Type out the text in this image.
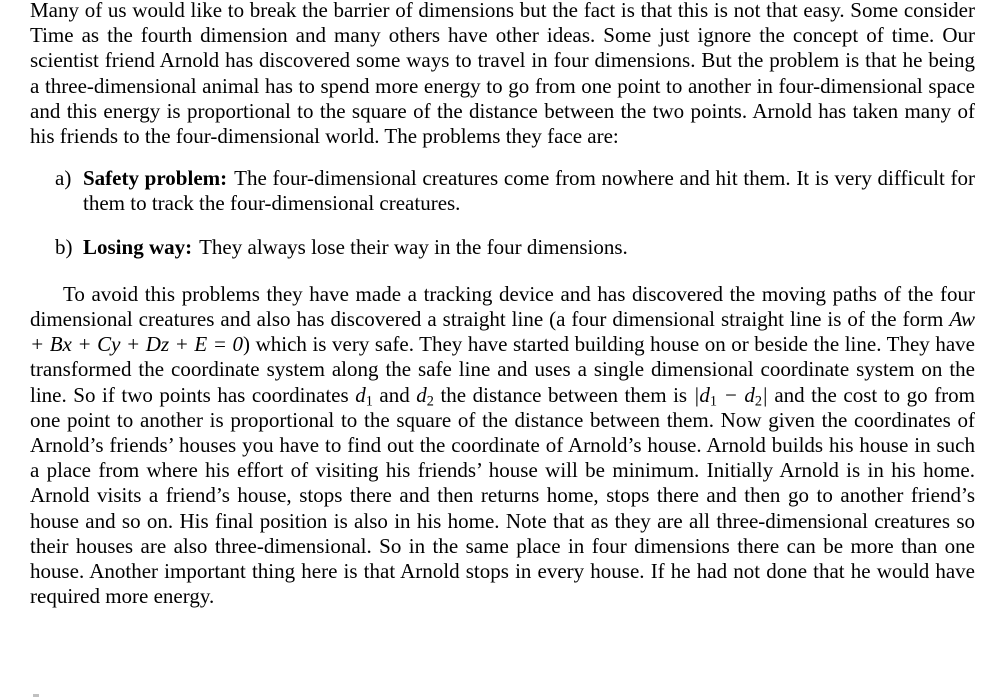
Many of us would like to break the barrier of dimensions but the fact is that this is not that easy. Some consider Time as the fourth dimension and many others have other ideas. Some just ignore the concept of time. Our scientist friend Arnold has discovered some ways to travel in four dimensions. But the problem is that he being a three-dimensional animal has to spend more energy to go from one point to another in four-dimensional space and this energy is proportional to the square of the distance between the two points. Arnold has taken many of his friends to the four-dimensional world. The problems they face are:

a) Safety problem: The four-dimensional creatures come from nowhere and hit them. It is very difficult for them to track the four-dimensional creatures.
b) Losing way: They always lose their way in the four dimensions.

To avoid this problems they have made a tracking device and has discovered the moving paths of the four dimensional creatures and also has discovered a straight line (a four dimensional straight line is of the form Aw + Bx + Cy + Dz + E = 0) which is very safe. They have started building house on or beside the line. They have transformed the coordinate system along the safe line and uses a single dimensional coordinate system on the line. So if two points has coordinates $d_1$ and $d_2$ the distance between them is $|d_1 - d_2|$ and the cost to go from one point to another is proportional to the square of the distance between them. Now given the coordinates of Arnold’s friends’ houses you have to find out the coordinate of Arnold’s house. Arnold builds his house in such a place from where his effort of visiting his friends’ house will be minimum. Initially Arnold is in his home. Arnold visits a friend’s house, stops there and then returns home, stops there and then go to another friend’s house and so on. His final position is also in his home. Note that as they are all three-dimensional creatures so their houses are also three-dimensional. So in the same place in four dimensions there can be more than one house. Another important thing here is that Arnold stops in every house. If he had not done that he would have required more energy.
